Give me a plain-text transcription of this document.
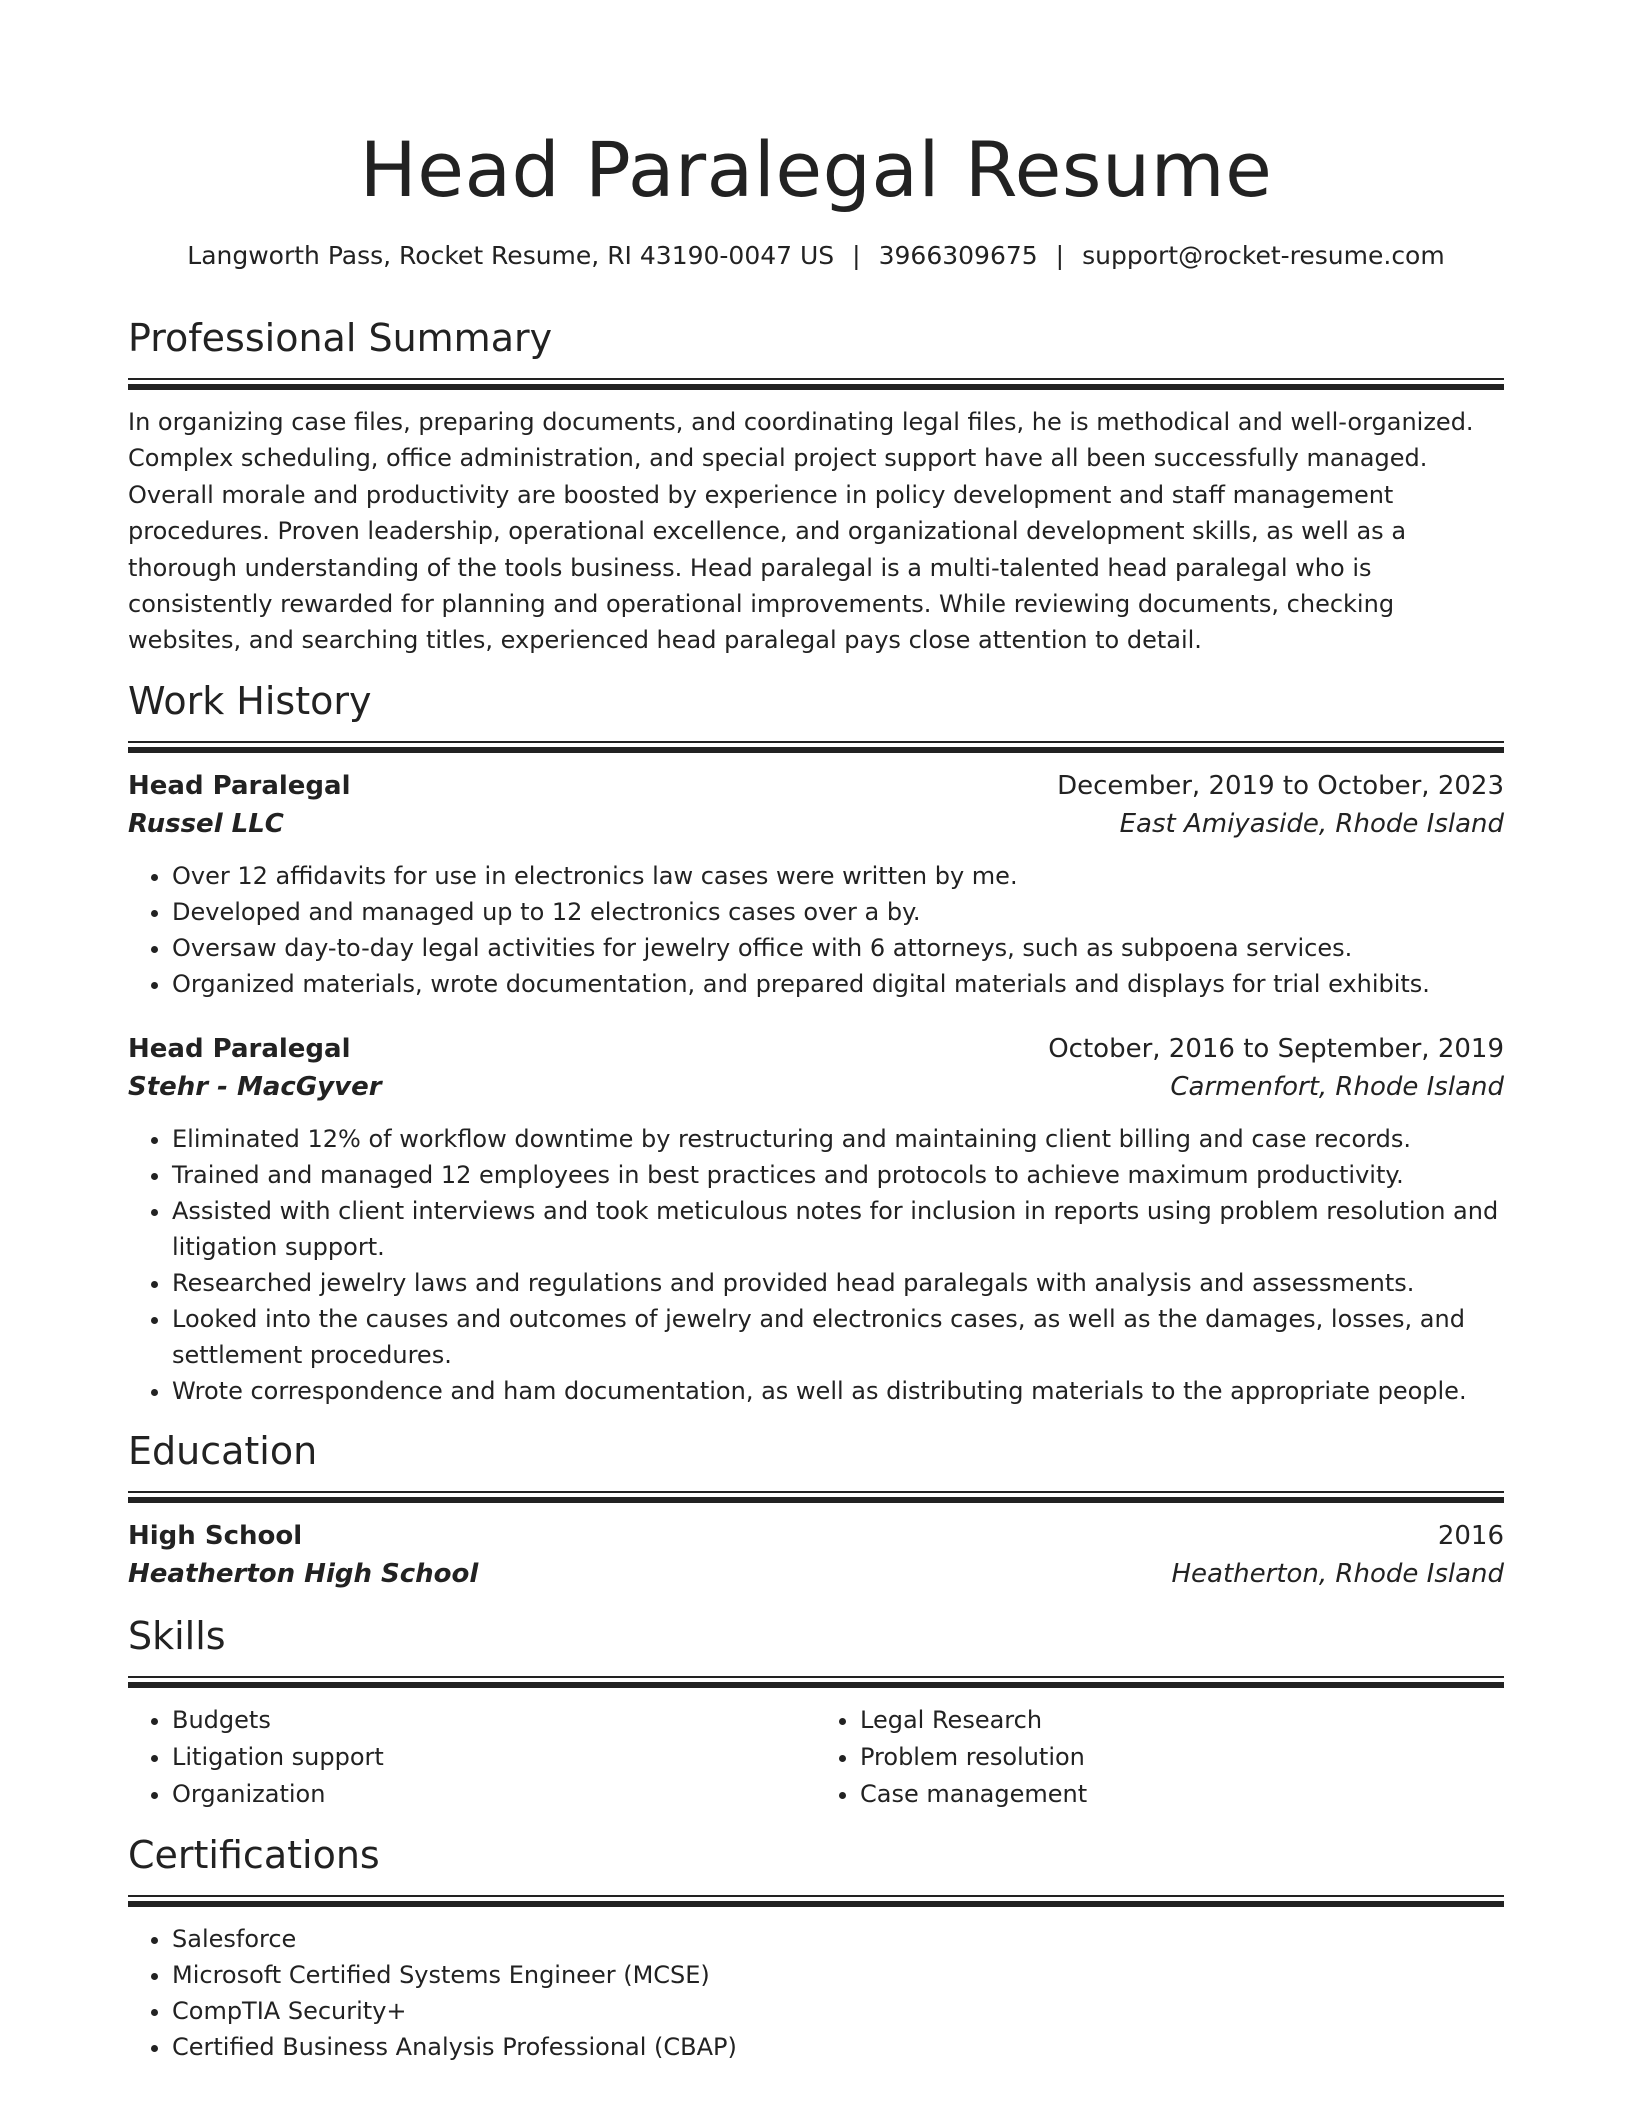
Head Paralegal Resume
Langworth Pass, Rocket Resume, RI 43190-0047 US | 3966309675 | support@rocket-resume.com
Professional Summary

In organizing case files, preparing documents, and coordinating legal files, he is methodical and well-organized. Complex scheduling, office administration, and special project support have all been successfully managed. Overall morale and productivity are boosted by experience in policy development and staff management procedures. Proven leadership, operational excellence, and organizational development skills, as well as a thorough understanding of the tools business. Head paralegal is a multi-talented head paralegal who is consistently rewarded for planning and operational improvements. While reviewing documents, checking websites, and searching titles, experienced head paralegal pays close attention to detail.

Work History
Head Paralegal	December, 2019 to October, 2023
Russel LLC	East Amiyaside, Rhode Island
• Over 12 affidavits for use in electronics law cases were written by me.
• Developed and managed up to 12 electronics cases over a by.
• Oversaw day-to-day legal activities for jewelry office with 6 attorneys, such as subpoena services.
• Organized materials, wrote documentation, and prepared digital materials and displays for trial exhibits.
Head Paralegal	October, 2016 to September, 2019
Stehr - MacGyver	Carmenfort, Rhode Island
• Eliminated 12% of workflow downtime by restructuring and maintaining client billing and case records.
• Trained and managed 12 employees in best practices and protocols to achieve maximum productivity.
• Assisted with client interviews and took meticulous notes for inclusion in reports using problem resolution and litigation support.
• Researched jewelry laws and regulations and provided head paralegals with analysis and assessments.
• Looked into the causes and outcomes of jewelry and electronics cases, as well as the damages, losses, and settlement procedures.
• Wrote correspondence and ham documentation, as well as distributing materials to the appropriate people.
Education
High School	2016
Heatherton High School	Heatherton, Rhode Island
Skills
• Budgets
• Litigation support
• Organization
• Legal Research
• Problem resolution
• Case management
Certifications
• Salesforce
• Microsoft Certified Systems Engineer (MCSE)
• CompTIA Security+
• Certified Business Analysis Professional (CBAP)
